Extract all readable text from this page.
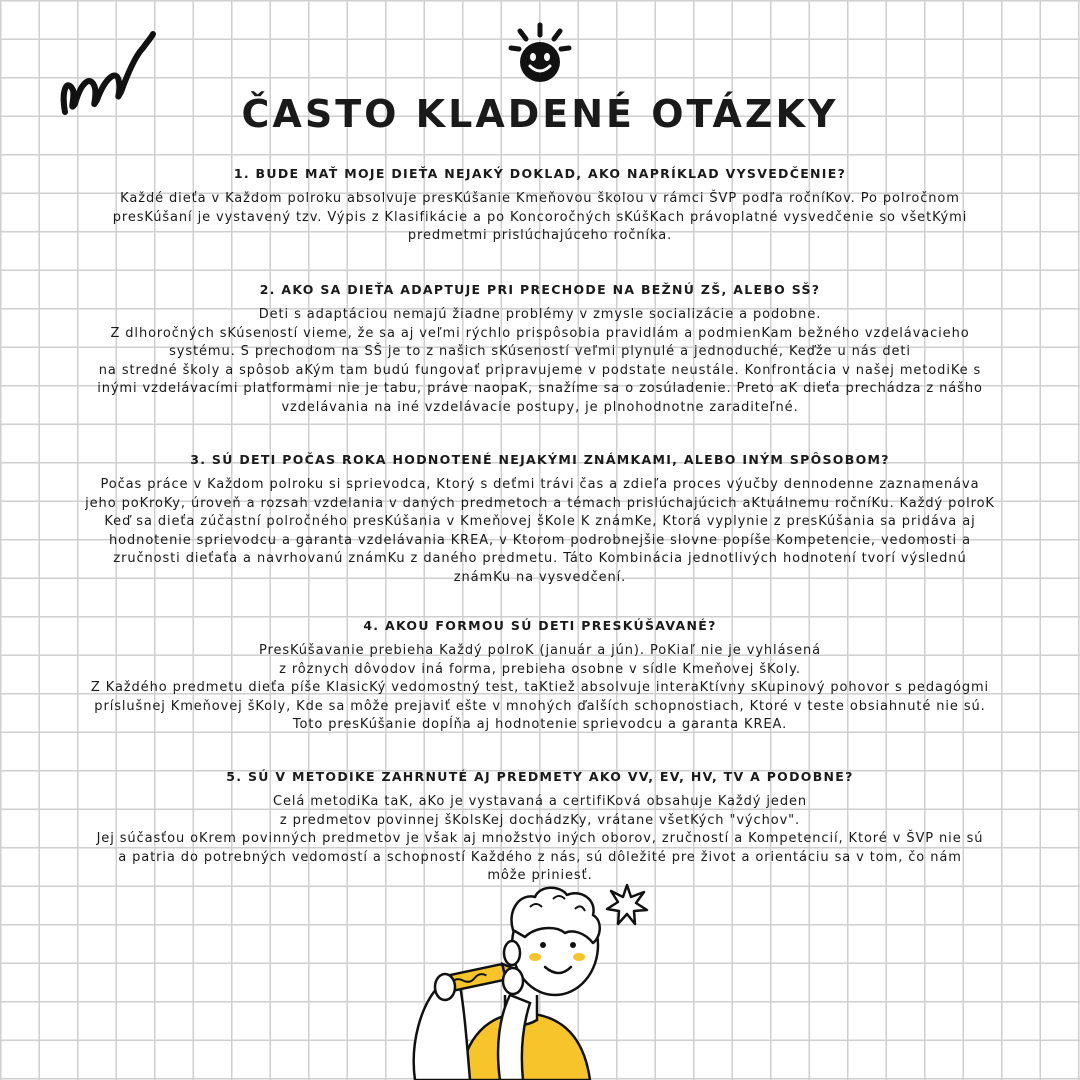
ČASTO KLADENÉ OTÁZKY
1. BUDE MAŤ MOJE DIEŤA NEJAKÝ DOKLAD, AKO NAPRÍKLAD VYSVEDČENIE?

Každé dieťa v Každom polroku absolvuje presKúšanie Kmeňovou školou v rámci ŠVP podľa ročníKov. Po polročnom
presKúšaní je vystavený tzv. Výpis z Klasifikácie a po Koncoročných sKúšKach právoplatné vysvedčenie so všetKými
predmetmi prislúchajúceho ročníka.

2. AKO SA DIEŤA ADAPTUJE PRI PRECHODE NA BEŽNÚ ZŠ, ALEBO SŠ?

Deti s adaptáciou nemajú žiadne problémy v zmysle socializácie a podobne.
Z dlhoročných sKúseností vieme, že sa aj veľmi rýchlo prispôsobia pravidlám a podmienKam bežného vzdelávacieho
systému. S prechodom na SŠ je to z našich sKúseností veľmi plynulé a jednoduché, Keďže u nás deti
na stredné školy a spôsob aKým tam budú fungovať pripravujeme v podstate neustále. Konfrontácia v našej metodiKe s
inými vzdelávacími platformami nie je tabu, práve naopaK, snažíme sa o zosúladenie. Preto aK dieťa prechádza z nášho
vzdelávania na iné vzdelávacie postupy, je plnohodnotne zaraditeľné.

3. SÚ DETI POČAS ROKA HODNOTENÉ NEJAKÝMI ZNÁMKAMI, ALEBO INÝM SPÔSOBOM?

Počas práce v Každom polroku si sprievodca, Ktorý s deťmi trávi čas a zdieľa proces výučby dennodenne zaznamenáva
jeho poKroKy, úroveň a rozsah vzdelania v daných predmetoch a témach prislúchajúcich aKtuálnemu ročníKu. Každý polroK
Keď sa dieťa zúčastní polročného presKúšania v Kmeňovej šKole K známKe, Ktorá vyplynie z presKúšania sa pridáva aj
hodnotenie sprievodcu a garanta vzdelávania KREA, v Ktorom podrobnejšie slovne popíše Kompetencie, vedomosti a
zručnosti dieťaťa a navrhovanú známKu z daného predmetu. Táto Kombinácia jednotlivých hodnotení tvorí výslednú
známKu na vysvedčení.

4. AKOU FORMOU SÚ DETI PRESKÚŠAVANÉ?

PresKúšavanie prebieha Každý polroK (január a jún). PoKiaľ nie je vyhlásená
z rôznych dôvodov iná forma, prebieha osobne v sídle Kmeňovej šKoly.
Z Každého predmetu dieťa píše KlasicKý vedomostný test, taKtiež absolvuje interaKtívny sKupinový pohovor s pedagógmi
príslušnej Kmeňovej šKoly, Kde sa môže prejaviť ešte v mnohých ďalších schopnostiach, Ktoré v teste obsiahnuté nie sú.
Toto presKúšanie dopĺňa aj hodnotenie sprievodcu a garanta KREA.

5. SÚ V METODIKE ZAHRNUTÉ AJ PREDMETY AKO VV, EV, HV, TV A PODOBNE?

Celá metodiKa taK, aKo je vystavaná a certifiKová obsahuje Každý jeden
z predmetov povinnej šKolsKej dochádzKy, vrátane všetKých "výchov".
Jej súčasťou oKrem povinných predmetov je však aj množstvo iných oborov, zručností a Kompetencií, Ktoré v ŠVP nie sú
a patria do potrebných vedomostí a schopností Každého z nás, sú dôležité pre život a orientáciu sa v tom, čo nám
môže priniesť.
